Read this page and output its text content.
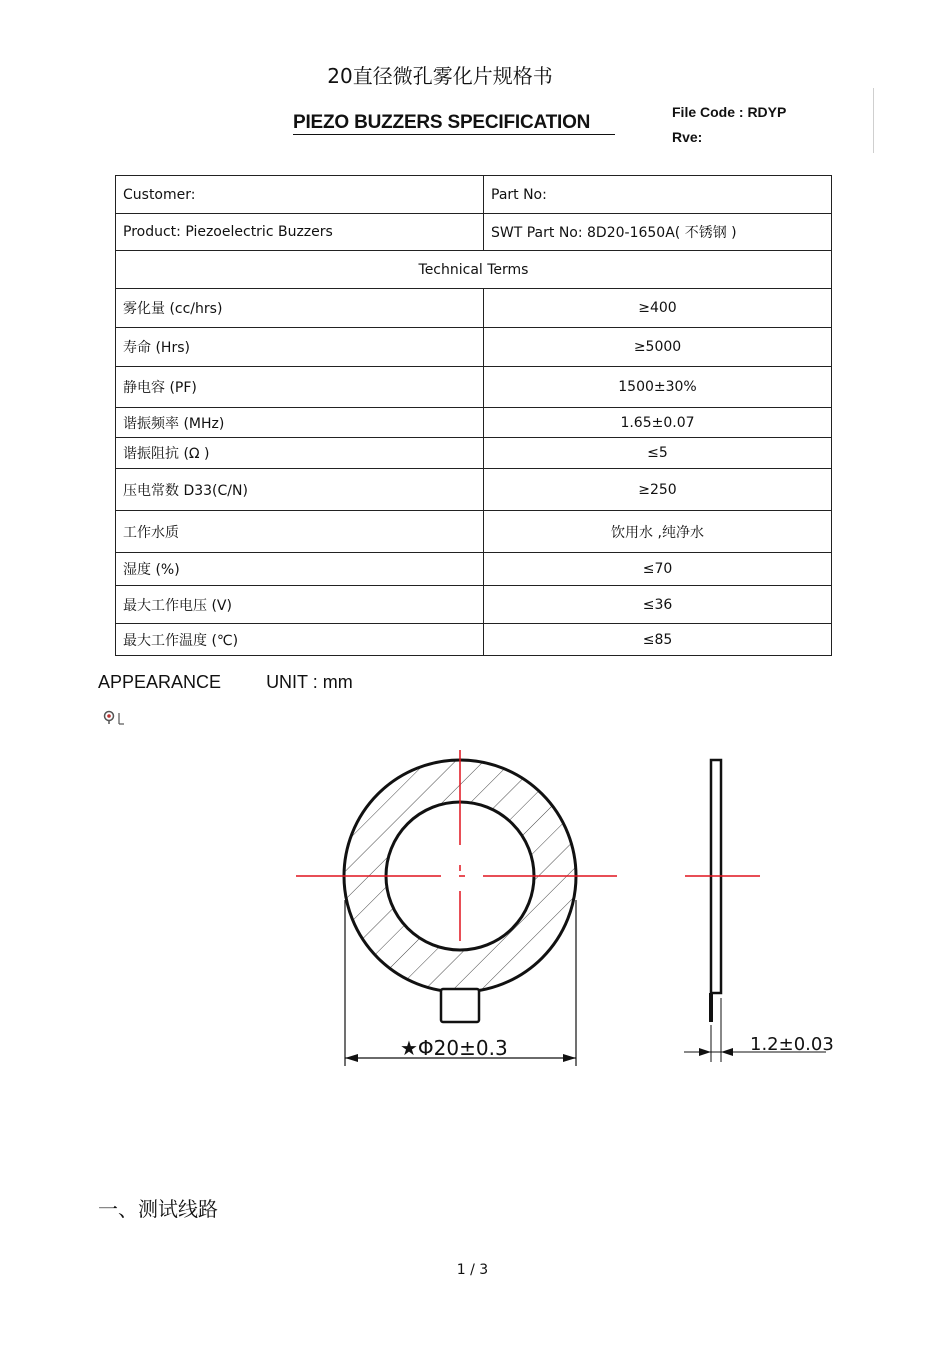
20直径微孔雾化片规格书
PIEZO BUZZERS SPECIFICATION	File Code : RDYP
Rve:
Customer:	Part No:
Product: Piezoelectric Buzzers	SWT Part No: 8D20-1650A( 不锈钢 )
Technical Terms	
雾化量 (cc/hrs)	≥400
寿命 (Hrs)	≥5000
静电容 (PF)	1500±30%
谐振频率 (MHz)	1.65±0.07
谐振阻抗 (Ω )	≤5
压电常数 D33(C/N)	≥250
工作水质	饮用水 ,纯净水
湿度 (%)	≤70
最大工作电压 (V)	≤36
最大工作温度 (℃)	≤85
APPEARANCE	UNIT : mm
★Φ20±0.3	1.2±0.03
一、测试线路
1 / 3
